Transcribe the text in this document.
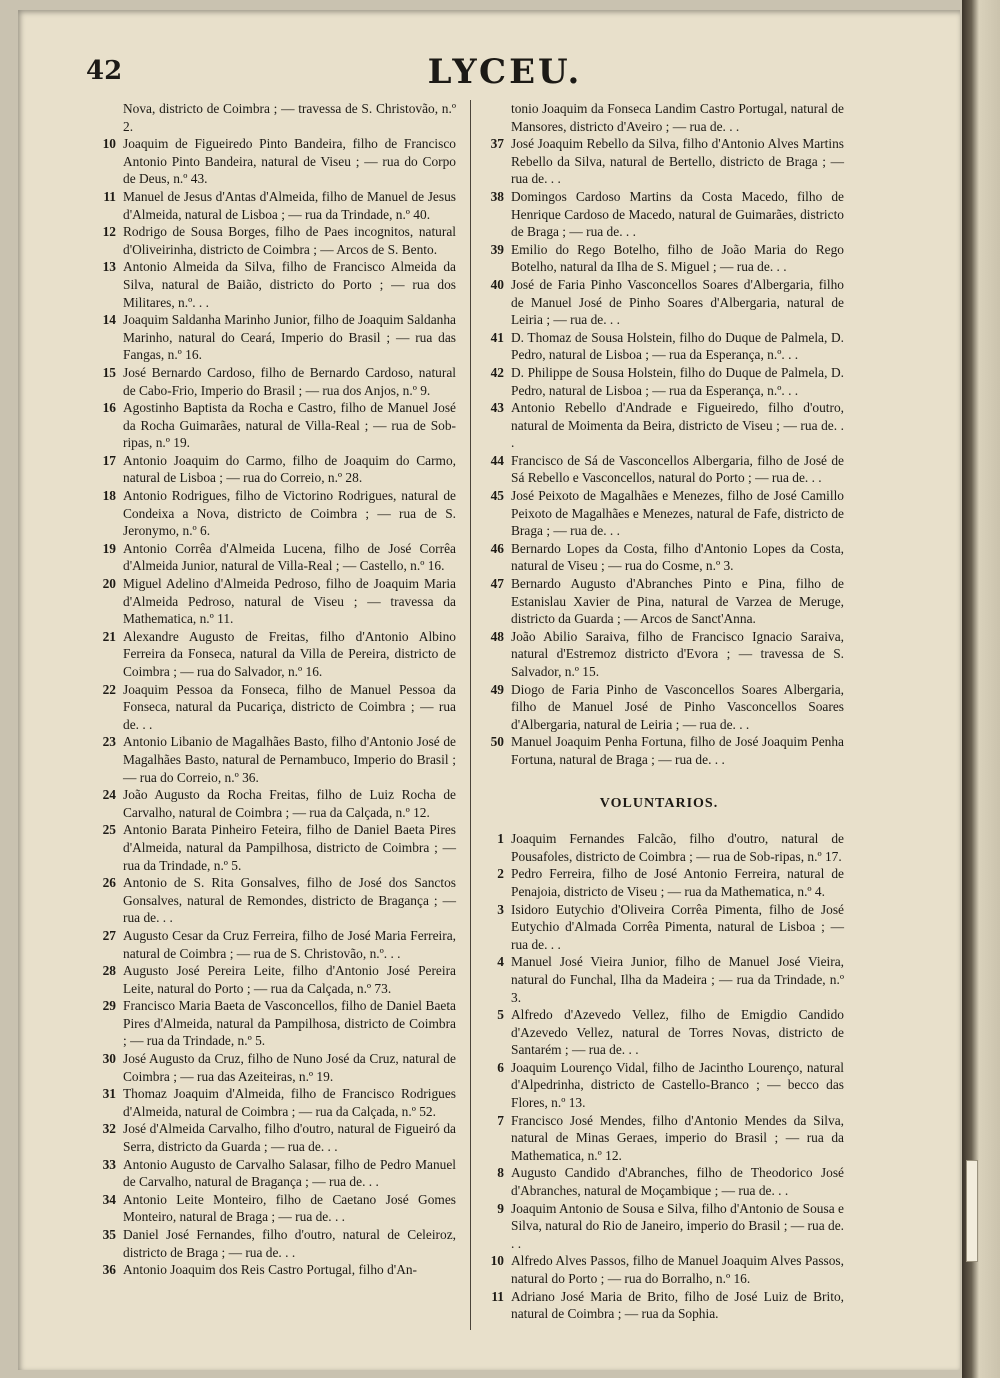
42	LYCEU.
Nova, districto de Coimbra ; — travessa de S. Christovão, n.º 2.
10 Joaquim de Figueiredo Pinto Bandeira, filho de Francisco Antonio Pinto Bandeira, natural de Viseu ; — rua do Corpo de Deus, n.º 43.
11 Manuel de Jesus d'Antas d'Almeida, filho de Manuel de Jesus d'Almeida, natural de Lisboa ; — rua da Trindade, n.º 40.
12 Rodrigo de Sousa Borges, filho de Paes incognitos, natural d'Oliveirinha, districto de Coimbra ; — Arcos de S. Bento.
13 Antonio Almeida da Silva, filho de Francisco Almeida da Silva, natural de Baião, districto do Porto ; — rua dos Militares, n.º. . .
14 Joaquim Saldanha Marinho Junior, filho de Joaquim Saldanha Marinho, natural do Ceará, Imperio do Brasil ; — rua das Fangas, n.º 16.
15 José Bernardo Cardoso, filho de Bernardo Cardoso, natural de Cabo-Frio, Imperio do Brasil ; — rua dos Anjos, n.º 9.
16 Agostinho Baptista da Rocha e Castro, filho de Manuel José da Rocha Guimarães, natural de Villa-Real ; — rua de Sob-ripas, n.º 19.
17 Antonio Joaquim do Carmo, filho de Joaquim do Carmo, natural de Lisboa ; — rua do Correio, n.º 28.
18 Antonio Rodrigues, filho de Victorino Rodrigues, natural de Condeixa a Nova, districto de Coimbra ; — rua de S. Jeronymo, n.º 6.
19 Antonio Corrêa d'Almeida Lucena, filho de José Corrêa d'Almeida Junior, natural de Villa-Real ; — Castello, n.º 16.
20 Miguel Adelino d'Almeida Pedroso, filho de Joaquim Maria d'Almeida Pedroso, natural de Viseu ; — travessa da Mathematica, n.º 11.
21 Alexandre Augusto de Freitas, filho d'Antonio Albino Ferreira da Fonseca, natural da Villa de Pereira, districto de Coimbra ; — rua do Salvador, n.º 16.
22 Joaquim Pessoa da Fonseca, filho de Manuel Pessoa da Fonseca, natural da Pucariça, districto de Coimbra ; — rua de. . .
23 Antonio Libanio de Magalhães Basto, filho d'Antonio José de Magalhães Basto, natural de Pernambuco, Imperio do Brasil ; — rua do Correio, n.º 36.
24 João Augusto da Rocha Freitas, filho de Luiz Rocha de Carvalho, natural de Coimbra ; — rua da Calçada, n.º 12.
25 Antonio Barata Pinheiro Feteira, filho de Daniel Baeta Pires d'Almeida, natural da Pampilhosa, districto de Coimbra ; — rua da Trindade, n.º 5.
26 Antonio de S. Rita Gonsalves, filho de José dos Sanctos Gonsalves, natural de Remondes, districto de Bragança ; — rua de. . .
27 Augusto Cesar da Cruz Ferreira, filho de José Maria Ferreira, natural de Coimbra ; — rua de S. Christovão, n.º. . .
28 Augusto José Pereira Leite, filho d'Antonio José Pereira Leite, natural do Porto ; — rua da Calçada, n.º 73.
29 Francisco Maria Baeta de Vasconcellos, filho de Daniel Baeta Pires d'Almeida, natural da Pampilhosa, districto de Coimbra ; — rua da Trindade, n.º 5.
30 José Augusto da Cruz, filho de Nuno José da Cruz, natural de Coimbra ; — rua das Azeiteiras, n.º 19.
31 Thomaz Joaquim d'Almeida, filho de Francisco Rodrigues d'Almeida, natural de Coimbra ; — rua da Calçada, n.º 52.
32 José d'Almeida Carvalho, filho d'outro, natural de Figueiró da Serra, districto da Guarda ; — rua de. . .
33 Antonio Augusto de Carvalho Salasar, filho de Pedro Manuel de Carvalho, natural de Bragança ; — rua de. . .
34 Antonio Leite Monteiro, filho de Caetano José Gomes Monteiro, natural de Braga ; — rua de. . .
35 Daniel José Fernandes, filho d'outro, natural de Celeiroz, districto de Braga ; — rua de. . .
36 Antonio Joaquim dos Reis Castro Portugal, filho d'An-
tonio Joaquim da Fonseca Landim Castro Portugal, natural de Mansores, districto d'Aveiro ; — rua de. . .
37 José Joaquim Rebello da Silva, filho d'Antonio Alves Martins Rebello da Silva, natural de Bertello, districto de Braga ; — rua de. . .
38 Domingos Cardoso Martins da Costa Macedo, filho de Henrique Cardoso de Macedo, natural de Guimarães, districto de Braga ; — rua de. . .
39 Emilio do Rego Botelho, filho de João Maria do Rego Botelho, natural da Ilha de S. Miguel ; — rua de. . .
40 José de Faria Pinho Vasconcellos Soares d'Albergaria, filho de Manuel José de Pinho Soares d'Albergaria, natural de Leiria ; — rua de. . .
41 D. Thomaz de Sousa Holstein, filho do Duque de Palmela, D. Pedro, natural de Lisboa ; — rua da Esperança, n.º. . .
42 D. Philippe de Sousa Holstein, filho do Duque de Palmela, D. Pedro, natural de Lisboa ; — rua da Esperança, n.º. . .
43 Antonio Rebello d'Andrade e Figueiredo, filho d'outro, natural de Moimenta da Beira, districto de Viseu ; — rua de. . .
44 Francisco de Sá de Vasconcellos Albergaria, filho de José de Sá Rebello e Vasconcellos, natural do Porto ; — rua de. . .
45 José Peixoto de Magalhães e Menezes, filho de José Camillo Peixoto de Magalhães e Menezes, natural de Fafe, districto de Braga ; — rua de. . .
46 Bernardo Lopes da Costa, filho d'Antonio Lopes da Costa, natural de Viseu ; — rua do Cosme, n.º 3.
47 Bernardo Augusto d'Abranches Pinto e Pina, filho de Estanislau Xavier de Pina, natural de Varzea de Meruge, districto da Guarda ; — Arcos de Sanct'Anna.
48 João Abilio Saraiva, filho de Francisco Ignacio Saraiva, natural d'Estremoz districto d'Evora ; — travessa de S. Salvador, n.º 15.
49 Diogo de Faria Pinho de Vasconcellos Soares Albergaria, filho de Manuel José de Pinho Vasconcellos Soares d'Albergaria, natural de Leiria ; — rua de. . .
50 Manuel Joaquim Penha Fortuna, filho de José Joaquim Penha Fortuna, natural de Braga ; — rua de. . .
VOLUNTARIOS.
1 Joaquim Fernandes Falcão, filho d'outro, natural de Pousafoles, districto de Coimbra ; — rua de Sob-ripas, n.º 17.
2 Pedro Ferreira, filho de José Antonio Ferreira, natural de Penajoia, districto de Viseu ; — rua da Mathematica, n.º 4.
3 Isidoro Eutychio d'Oliveira Corrêa Pimenta, filho de José Eutychio d'Almada Corrêa Pimenta, natural de Lisboa ; — rua de. . .
4 Manuel José Vieira Junior, filho de Manuel José Vieira, natural do Funchal, Ilha da Madeira ; — rua da Trindade, n.º 3.
5 Alfredo d'Azevedo Vellez, filho de Emigdio Candido d'Azevedo Vellez, natural de Torres Novas, districto de Santarém ; — rua de. . .
6 Joaquim Lourenço Vidal, filho de Jacintho Lourenço, natural d'Alpedrinha, districto de Castello-Branco ; — becco das Flores, n.º 13.
7 Francisco José Mendes, filho d'Antonio Mendes da Silva, natural de Minas Geraes, imperio do Brasil ; — rua da Mathematica, n.º 12.
8 Augusto Candido d'Abranches, filho de Theodorico José d'Abranches, natural de Moçambique ; — rua de. . .
9 Joaquim Antonio de Sousa e Silva, filho d'Antonio de Sousa e Silva, natural do Rio de Janeiro, imperio do Brasil ; — rua de. . .
10 Alfredo Alves Passos, filho de Manuel Joaquim Alves Passos, natural do Porto ; — rua do Borralho, n.º 16.
11 Adriano José Maria de Brito, filho de José Luiz de Brito, natural de Coimbra ; — rua da Sophia.
